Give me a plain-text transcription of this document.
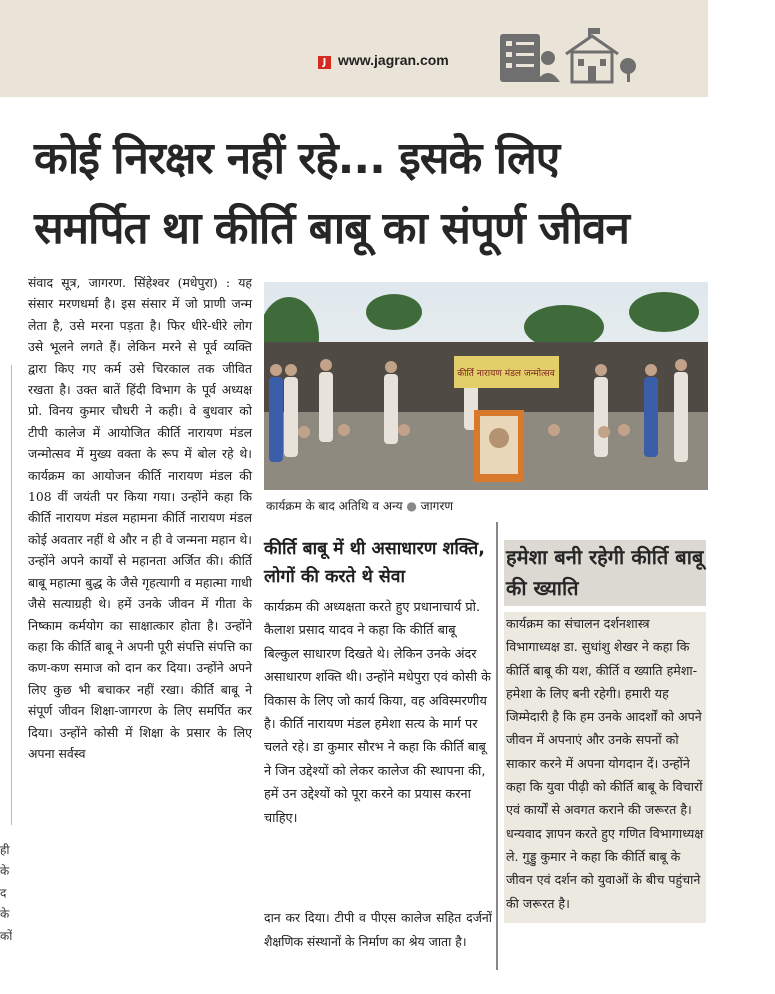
J www.jagran.com
कोई निरक्षर नहीं रहे... इसके लिए
समर्पित था कीर्ति बाबू का संपूर्ण जीवन
ही
के
द
के
कों

संवाद सूत्र, जागरण. सिंहेश्वर (मधेपुरा) : यह संसार मरणधर्मा है। इस संसार में जो प्राणी जन्म लेता है, उसे मरना पड़ता है। फिर धीरे-धीरे लोग उसे भूलने लगते हैं। लेकिन मरने से पूर्व व्यक्ति द्वारा किए गए कर्म उसे चिरकाल तक जीवित रखता है। उक्त बातें हिंदी विभाग के पूर्व अध्यक्ष प्रो. विनय कुमार चौधरी ने कही। वे बुधवार को टीपी कालेज में आयोजित कीर्ति नारायण मंडल जन्मोत्सव में मुख्य वक्ता के रूप में बोल रहे थे। कार्यक्रम का आयोजन कीर्ति नारायण मंडल की 108 वीं जयंती पर किया गया। उन्होंने कहा कि कीर्ति नारायण मंडल महामना कीर्ति नारायण मंडल कोई अवतार नहीं थे और न ही वे जन्मना महान थे। उन्होंने अपने कार्यों से महानता अर्जित की। कीर्ति बाबू महात्मा बुद्ध के जैसे गृहत्यागी व महात्मा गाधी जैसे सत्याग्रही थे। हमें उनके जीवन में गीता के निष्काम कर्मयोग का साक्षात्कार होता है। उन्होंने कहा कि कीर्ति बाबू ने अपनी पूरी संपत्ति संपत्ति का कण-कण समाज को दान कर दिया। उन्होंने अपने लिए कुछ भी बचाकर नहीं रखा। कीर्ति बाबू ने संपूर्ण जीवन शिक्षा-जागरण के लिए समर्पित कर दिया। उन्होंने कोसी में शिक्षा के प्रसार के लिए अपना सर्वस्व

कीर्ति नारायण मंडल जन्मोत्सव
कार्यक्रम के बाद अतिथि व अन्य ● जागरण
कीर्ति बाबू में थी असाधारण शक्ति, लोगों की करते थे सेवा
कार्यक्रम की अध्यक्षता करते हुए प्रधानाचार्य प्रो. कैलाश प्रसाद यादव ने कहा कि कीर्ति बाबू बिल्कुल साधारण दिखते थे। लेकिन उनके अंदर असाधारण शक्ति थी। उन्होंने मधेपुरा एवं कोसी के विकास के लिए जो कार्य किया, वह अविस्मरणीय है। कीर्ति नारायण मंडल हमेशा सत्य के मार्ग पर चलते रहे। डा कुमार सौरभ ने कहा कि कीर्ति बाबू ने जिन उद्देश्यों को लेकर कालेज की स्थापना की, हमें उन उद्देश्यों को पूरा करने का प्रयास करना चाहिए।
दान कर दिया। टीपी व पीएस कालेज सहित दर्जनों शैक्षणिक संस्थानों के निर्माण का श्रेय जाता है।
हमेशा बनी रहेगी कीर्ति बाबू की ख्याति
कार्यक्रम का संचालन दर्शनशास्त्र विभागाध्यक्ष डा. सुधांशु शेखर ने कहा कि कीर्ति बाबू की यश, कीर्ति व ख्याति हमेशा-हमेशा के लिए बनी रहेगी। हमारी यह जिम्मेदारी है कि हम उनके आदर्शों को अपने जीवन में अपनाएं और उनके सपनों को साकार करने में अपना योगदान दें। उन्होंने कहा कि युवा पीढ़ी को कीर्ति बाबू के विचारों एवं कार्यों से अवगत कराने की जरूरत है। धन्यवाद ज्ञापन करते हुए गणित विभागाध्यक्ष ले. गुड्डु कुमार ने कहा कि कीर्ति बाबू के जीवन एवं दर्शन को युवाओं के बीच पहुंचाने की जरूरत है।
